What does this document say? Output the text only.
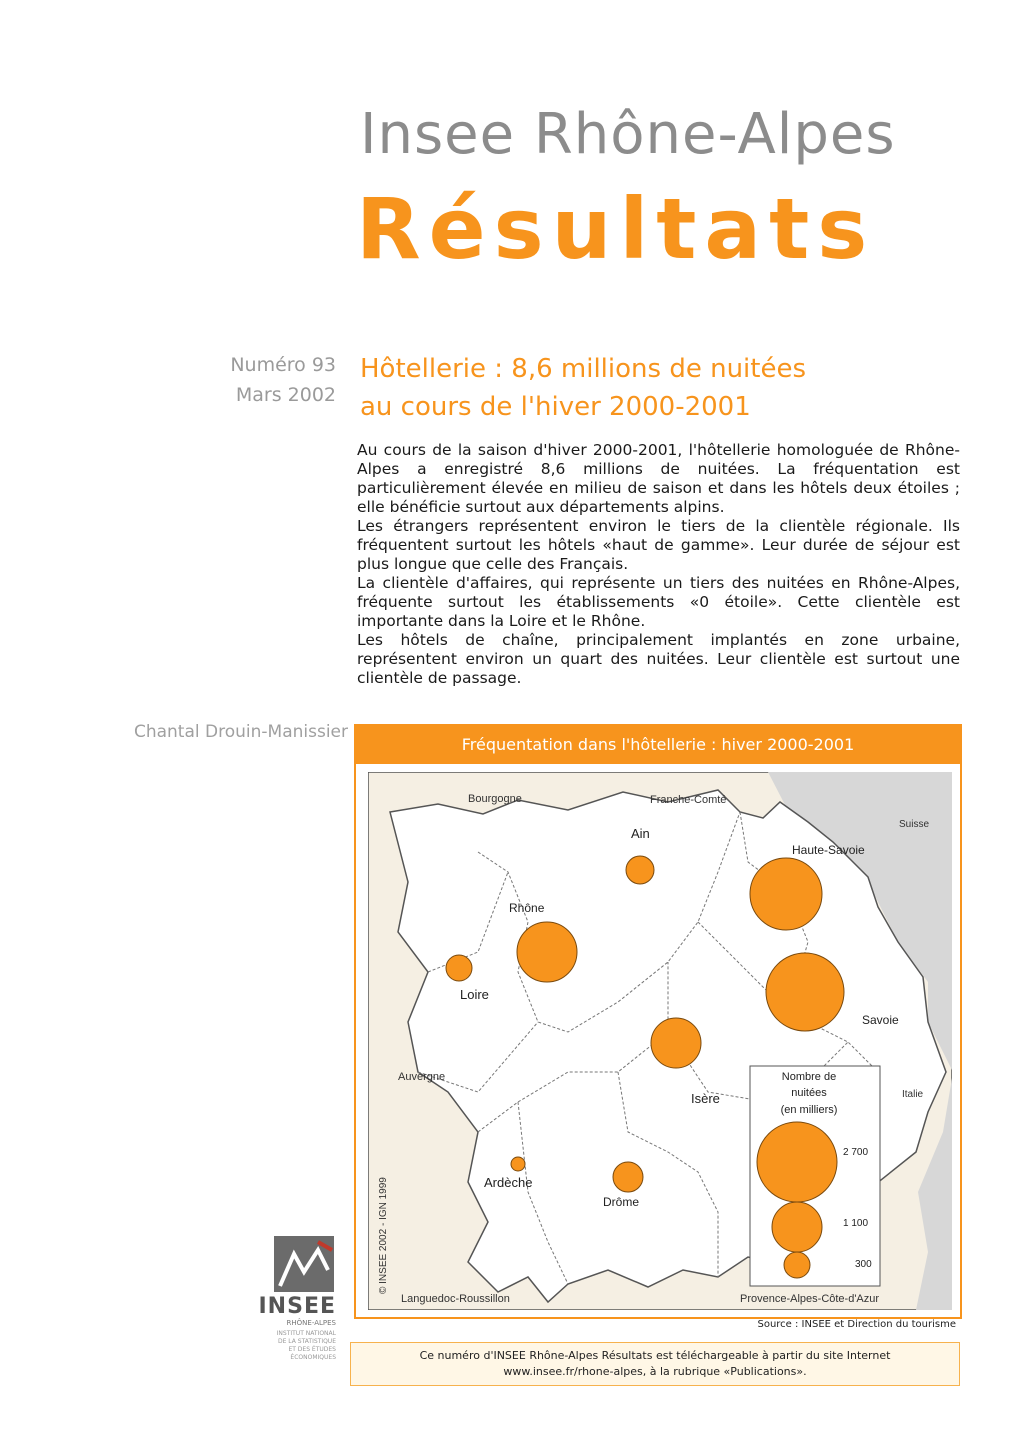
Insee Rhône-Alpes
Résultats
Numéro 93
Mars 2002
Hôtellerie : 8,6 millions de nuitées
au cours de l'hiver 2000-2001

Au cours de la saison d'hiver 2000-2001, l'hôtellerie homologuée de Rhône-Alpes a enregistré 8,6 millions de nuitées. La fréquentation est particulièrement élevée en milieu de saison et dans les hôtels deux étoiles ; elle bénéficie surtout aux départements alpins.

Les étrangers représentent environ le tiers de la clientèle régionale. Ils fréquentent surtout les hôtels «haut de gamme». Leur durée de séjour est plus longue que celle des Français.

La clientèle d'affaires, qui représente un tiers des nuitées en Rhône-Alpes, fréquente surtout les établissements «0 étoile». Cette clientèle est importante dans la Loire et le Rhône.

Les hôtels de chaîne, principalement implantés en zone urbaine, représentent environ un quart des nuitées. Leur clientèle est surtout une clientèle de passage.

Chantal Drouin-Manissier
Fréquentation dans l'hôtellerie : hiver 2000-2001
Bourgogne	Franche-Comté
Suisse
Italie
Auvergne
Languedoc-Roussillon	Provence-Alpes-Côte-d'Azur
© INSEE 2002 - IGN 1999
Ain
Haute-Savoie
Rhône
Loire
Savoie
Isère
Ardèche
Drôme
Nombre de
nuitées
(en milliers)
2 700
1 100
300
Source : INSEE et Direction du tourisme
Ce numéro d'INSEE Rhône-Alpes Résultats est téléchargeable à partir du site Internet
www.insee.fr/rhone-alpes, à la rubrique «Publications».
INSEE
RHÔNE-ALPES
INSTITUT NATIONAL
DE LA STATISTIQUE
ET DES ÉTUDES
ÉCONOMIQUES
